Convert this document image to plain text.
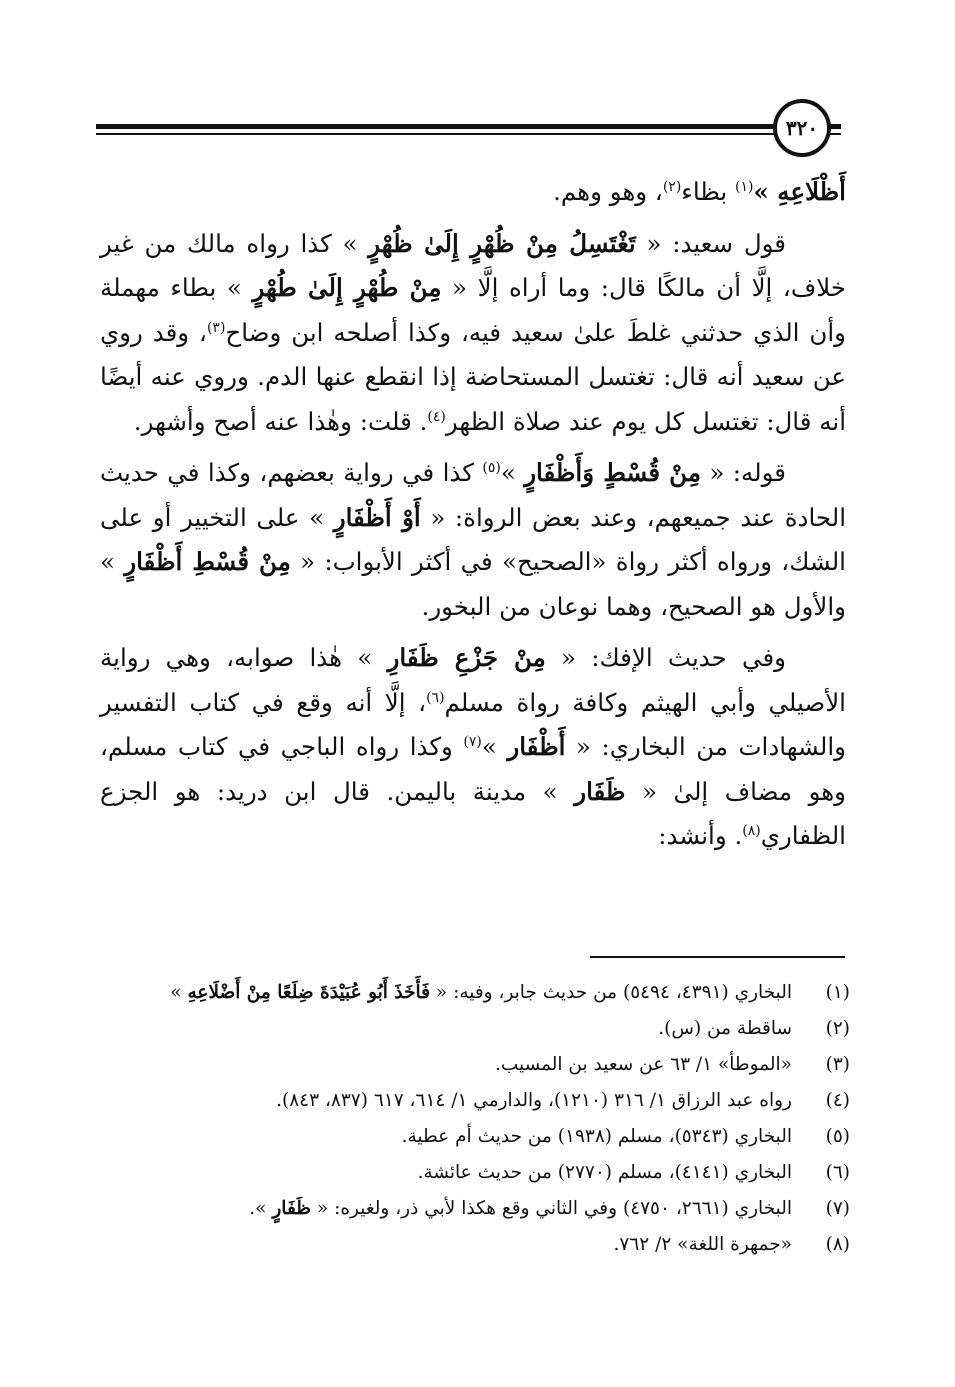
٣٢٠

أَظْلَاعِهِ »$^{(١)}$ بظاء$^{(٢)}$، وهو وهم.

قول سعيد: « تَغْتَسِلُ مِنْ ظُهْرٍ إِلَىٰ ظُهْرٍ » كذا رواه مالك من غير خلاف، إلَّا أن مالكًا قال: وما أراه إلَّا « مِنْ طُهْرٍ إِلَىٰ طُهْرٍ » بطاء مهملة وأن الذي حدثني غلطَ علىٰ سعيد فيه، وكذا أصلحه ابن وضاح$^{(٣)}$، وقد روي عن سعيد أنه قال: تغتسل المستحاضة إذا انقطع عنها الدم. وروي عنه أيضًا أنه قال: تغتسل كل يوم عند صلاة الظهر$^{(٤)}$. قلت: وهٰذا عنه أصح وأشهر.

قوله: « مِنْ قُسْطٍ وَأَظْفَارٍ »$^{(٥)}$ كذا في رواية بعضهم، وكذا في حديث الحادة عند جميعهم، وعند بعض الرواة: « أَوْ أَظْفَارٍ » على التخيير أو على الشك، ورواه أكثر رواة «الصحيح» في أكثر الأبواب: « مِنْ قُسْطِ أَظْفَارٍ » والأول هو الصحيح، وهما نوعان من البخور.

وفي حديث الإفك: « مِنْ جَزْعِ ظَفَارِ » هٰذا صوابه، وهي رواية الأصيلي وأبي الهيثم وكافة رواة مسلم$^{(٦)}$، إلَّا أنه وقع في كتاب التفسير والشهادات من البخاري: « أَظْفَار »$^{(٧)}$ وكذا رواه الباجي في كتاب مسلم، وهو مضاف إلىٰ « ظَفَار » مدينة باليمن. قال ابن دريد: هو الجزع الظفاري$^{(٨)}$. وأنشد:

(١)
البخاري (٤٣٩١، ٥٤٩٤) من حديث جابر، وفيه: « فَأَخَذَ أَبُو عُبَيْدَةَ ضِلَعًا مِنْ أَضْلَاعِهِ »
(٢)
ساقطة من (س).
(٣)
«الموطأ» ١/ ٦٣ عن سعيد بن المسيب.
(٤)
رواه عبد الرزاق ١/ ٣١٦ (١٢١٠)، والدارمي ١/ ٦١٤، ٦١٧ (٨٣٧، ٨٤٣).
(٥)
البخاري (٥٣٤٣)، مسلم (١٩٣٨) من حديث أم عطية.
(٦)
البخاري (٤١٤١)، مسلم (٢٧٧٠) من حديث عائشة.
(٧)
البخاري (٢٦٦١، ٤٧٥٠) وفي الثاني وقع هكذا لأبي ذر، ولغيره: « ظَفَارٍ ».
(٨)
«جمهرة اللغة» ٢/ ٧٦٢.
